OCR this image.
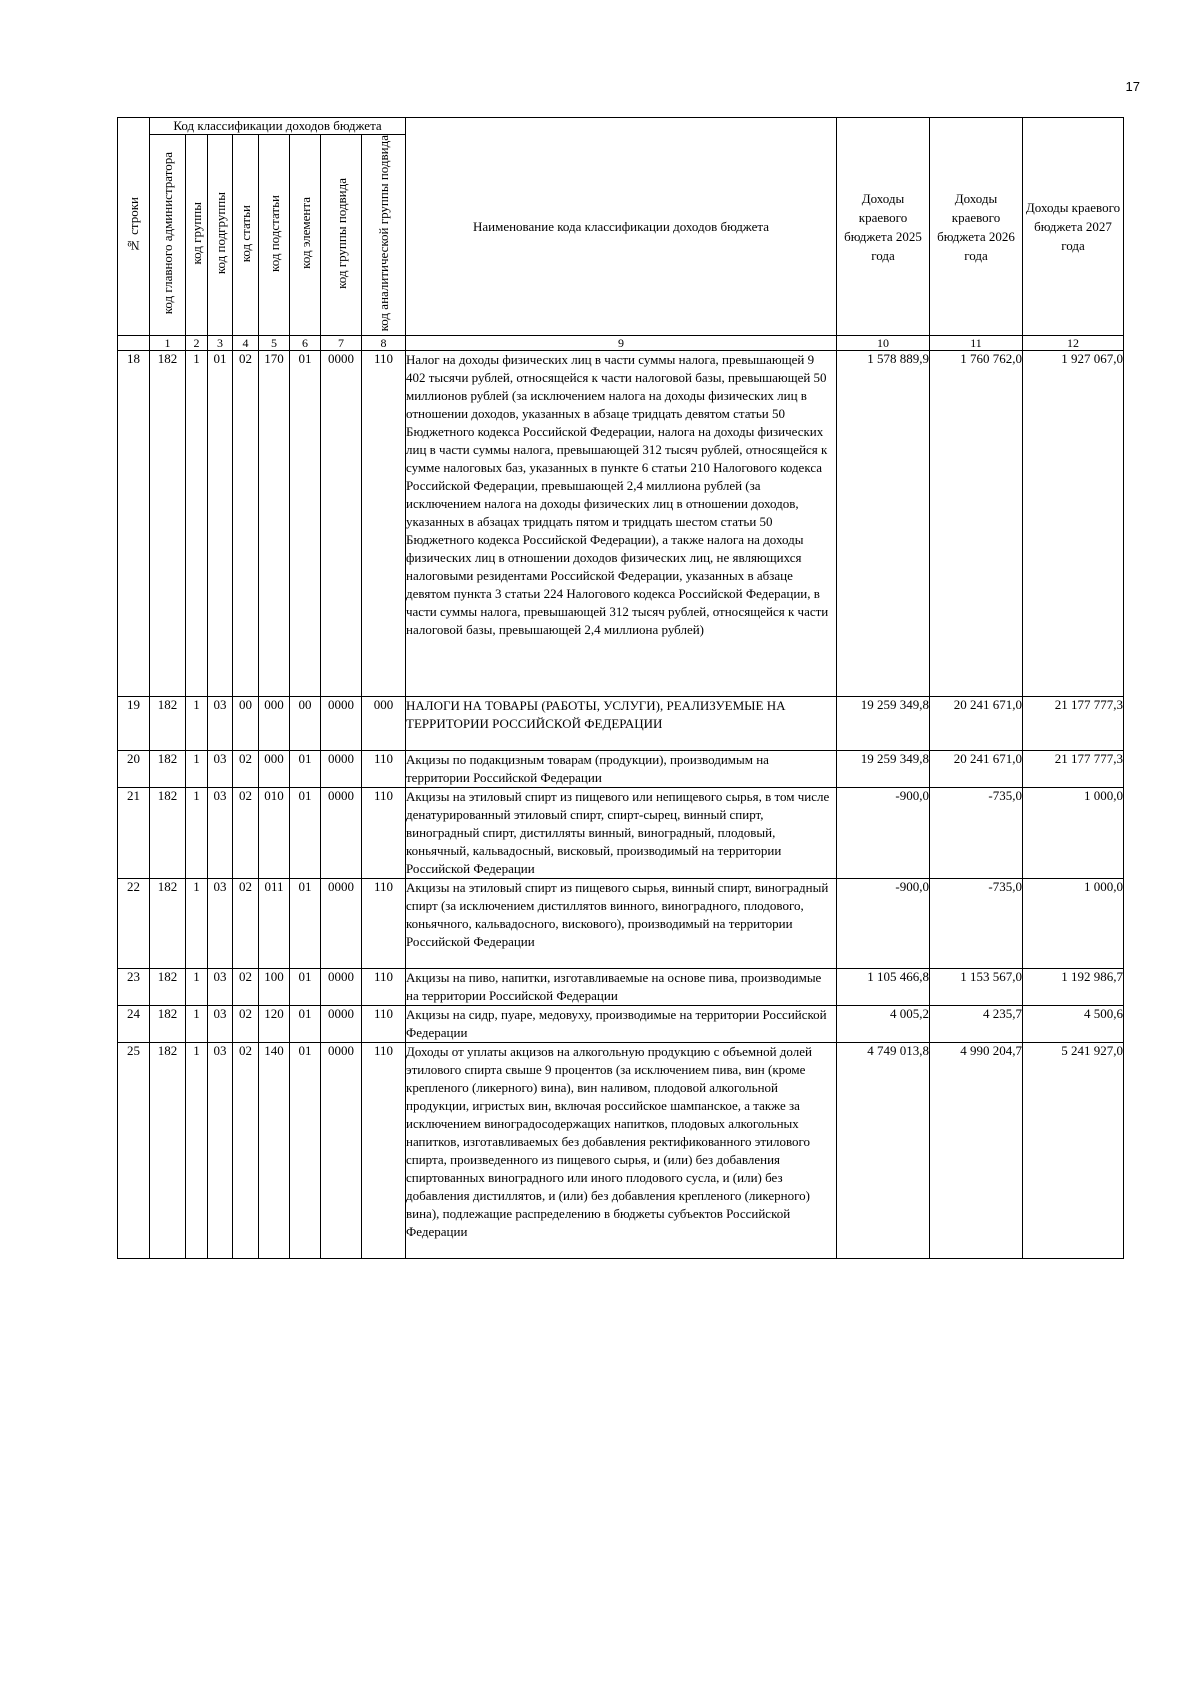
17
№ строки	Код классификации доходов бюджета								Наименование кода классификации доходов бюджета	Доходы краевого бюджета 2025 года	Доходы краевого бюджета 2026 года	Доходы краевого бюджета 2027 года
	код главного администратора	код группы	код подгруппы	код статьи	код подстатьи	код элемента	код группы подвида	код аналитической группы подвида				
	1	2	3	4	5	6	7	8	9	10	11	12
18	182	1	01	02	170	01	0000	110	Налог на доходы физических лиц в части суммы налога, превышающей 9 402 тысячи рублей, относящейся к части налоговой базы, превышающей 50 миллионов рублей (за исключением налога на доходы физических лиц в отношении доходов, указанных в абзаце тридцать девятом статьи 50 Бюджетного кодекса Российской Федерации, налога на доходы физических лиц в части суммы налога, превышающей 312 тысяч рублей, относящейся к сумме налоговых баз, указанных в пункте 6 статьи 210 Налогового кодекса Российской Федерации, превышающей 2,4 миллиона рублей (за исключением налога на доходы физических лиц в отношении доходов, указанных в абзацах тридцать пятом и тридцать шестом статьи 50 Бюджетного кодекса Российской Федерации), а также налога на доходы физических лиц в отношении доходов физических лиц, не являющихся налоговыми резидентами Российской Федерации, указанных в абзаце девятом пункта 3 статьи 224 Налогового кодекса Российской Федерации, в части суммы налога, превышающей 312 тысяч рублей, относящейся к части налоговой базы, превышающей 2,4 миллиона рублей)	1 578 889,9	1 760 762,0	1 927 067,0
19	182	1	03	00	000	00	0000	000	НАЛОГИ НА ТОВАРЫ (РАБОТЫ, УСЛУГИ), РЕАЛИЗУЕМЫЕ НА ТЕРРИТОРИИ РОССИЙСКОЙ ФЕДЕРАЦИИ	19 259 349,8	20 241 671,0	21 177 777,3
20	182	1	03	02	000	01	0000	110	Акцизы по подакцизным товарам (продукции), производимым на территории Российской Федерации	19 259 349,8	20 241 671,0	21 177 777,3
21	182	1	03	02	010	01	0000	110	Акцизы на этиловый спирт из пищевого или непищевого сырья, в том числе денатурированный этиловый спирт, спирт-сырец, винный спирт, виноградный спирт, дистилляты винный, виноградный, плодовый, коньячный, кальвадосный, висковый, производимый на территории Российской Федерации	-900,0	-735,0	1 000,0
22	182	1	03	02	011	01	0000	110	Акцизы на этиловый спирт из пищевого сырья, винный спирт, виноградный спирт (за исключением дистиллятов винного, виноградного, плодового, коньячного, кальвадосного, вискового), производимый на территории Российской Федерации	-900,0	-735,0	1 000,0
23	182	1	03	02	100	01	0000	110	Акцизы на пиво, напитки, изготавливаемые на основе пива, производимые на территории Российской Федерации	1 105 466,8	1 153 567,0	1 192 986,7
24	182	1	03	02	120	01	0000	110	Акцизы на сидр, пуаре, медовуху, производимые на территории Российской Федерации	4 005,2	4 235,7	4 500,6
25	182	1	03	02	140	01	0000	110	Доходы от уплаты акцизов на алкогольную продукцию с объемной долей этилового спирта свыше 9 процентов (за исключением пива, вин (кроме крепленого (ликерного) вина), вин наливом, плодовой алкогольной продукции, игристых вин, включая российское шампанское, а также за исключением виноградосодержащих напитков, плодовых алкогольных напитков, изготавливаемых без добавления ректификованного этилового спирта, произведенного из пищевого сырья, и (или) без добавления спиртованных виноградного или иного плодового сусла, и (или) без добавления дистиллятов, и (или) без добавления крепленого (ликерного) вина), подлежащие распределению в бюджеты субъектов Российской Федерации	4 749 013,8	4 990 204,7	5 241 927,0
